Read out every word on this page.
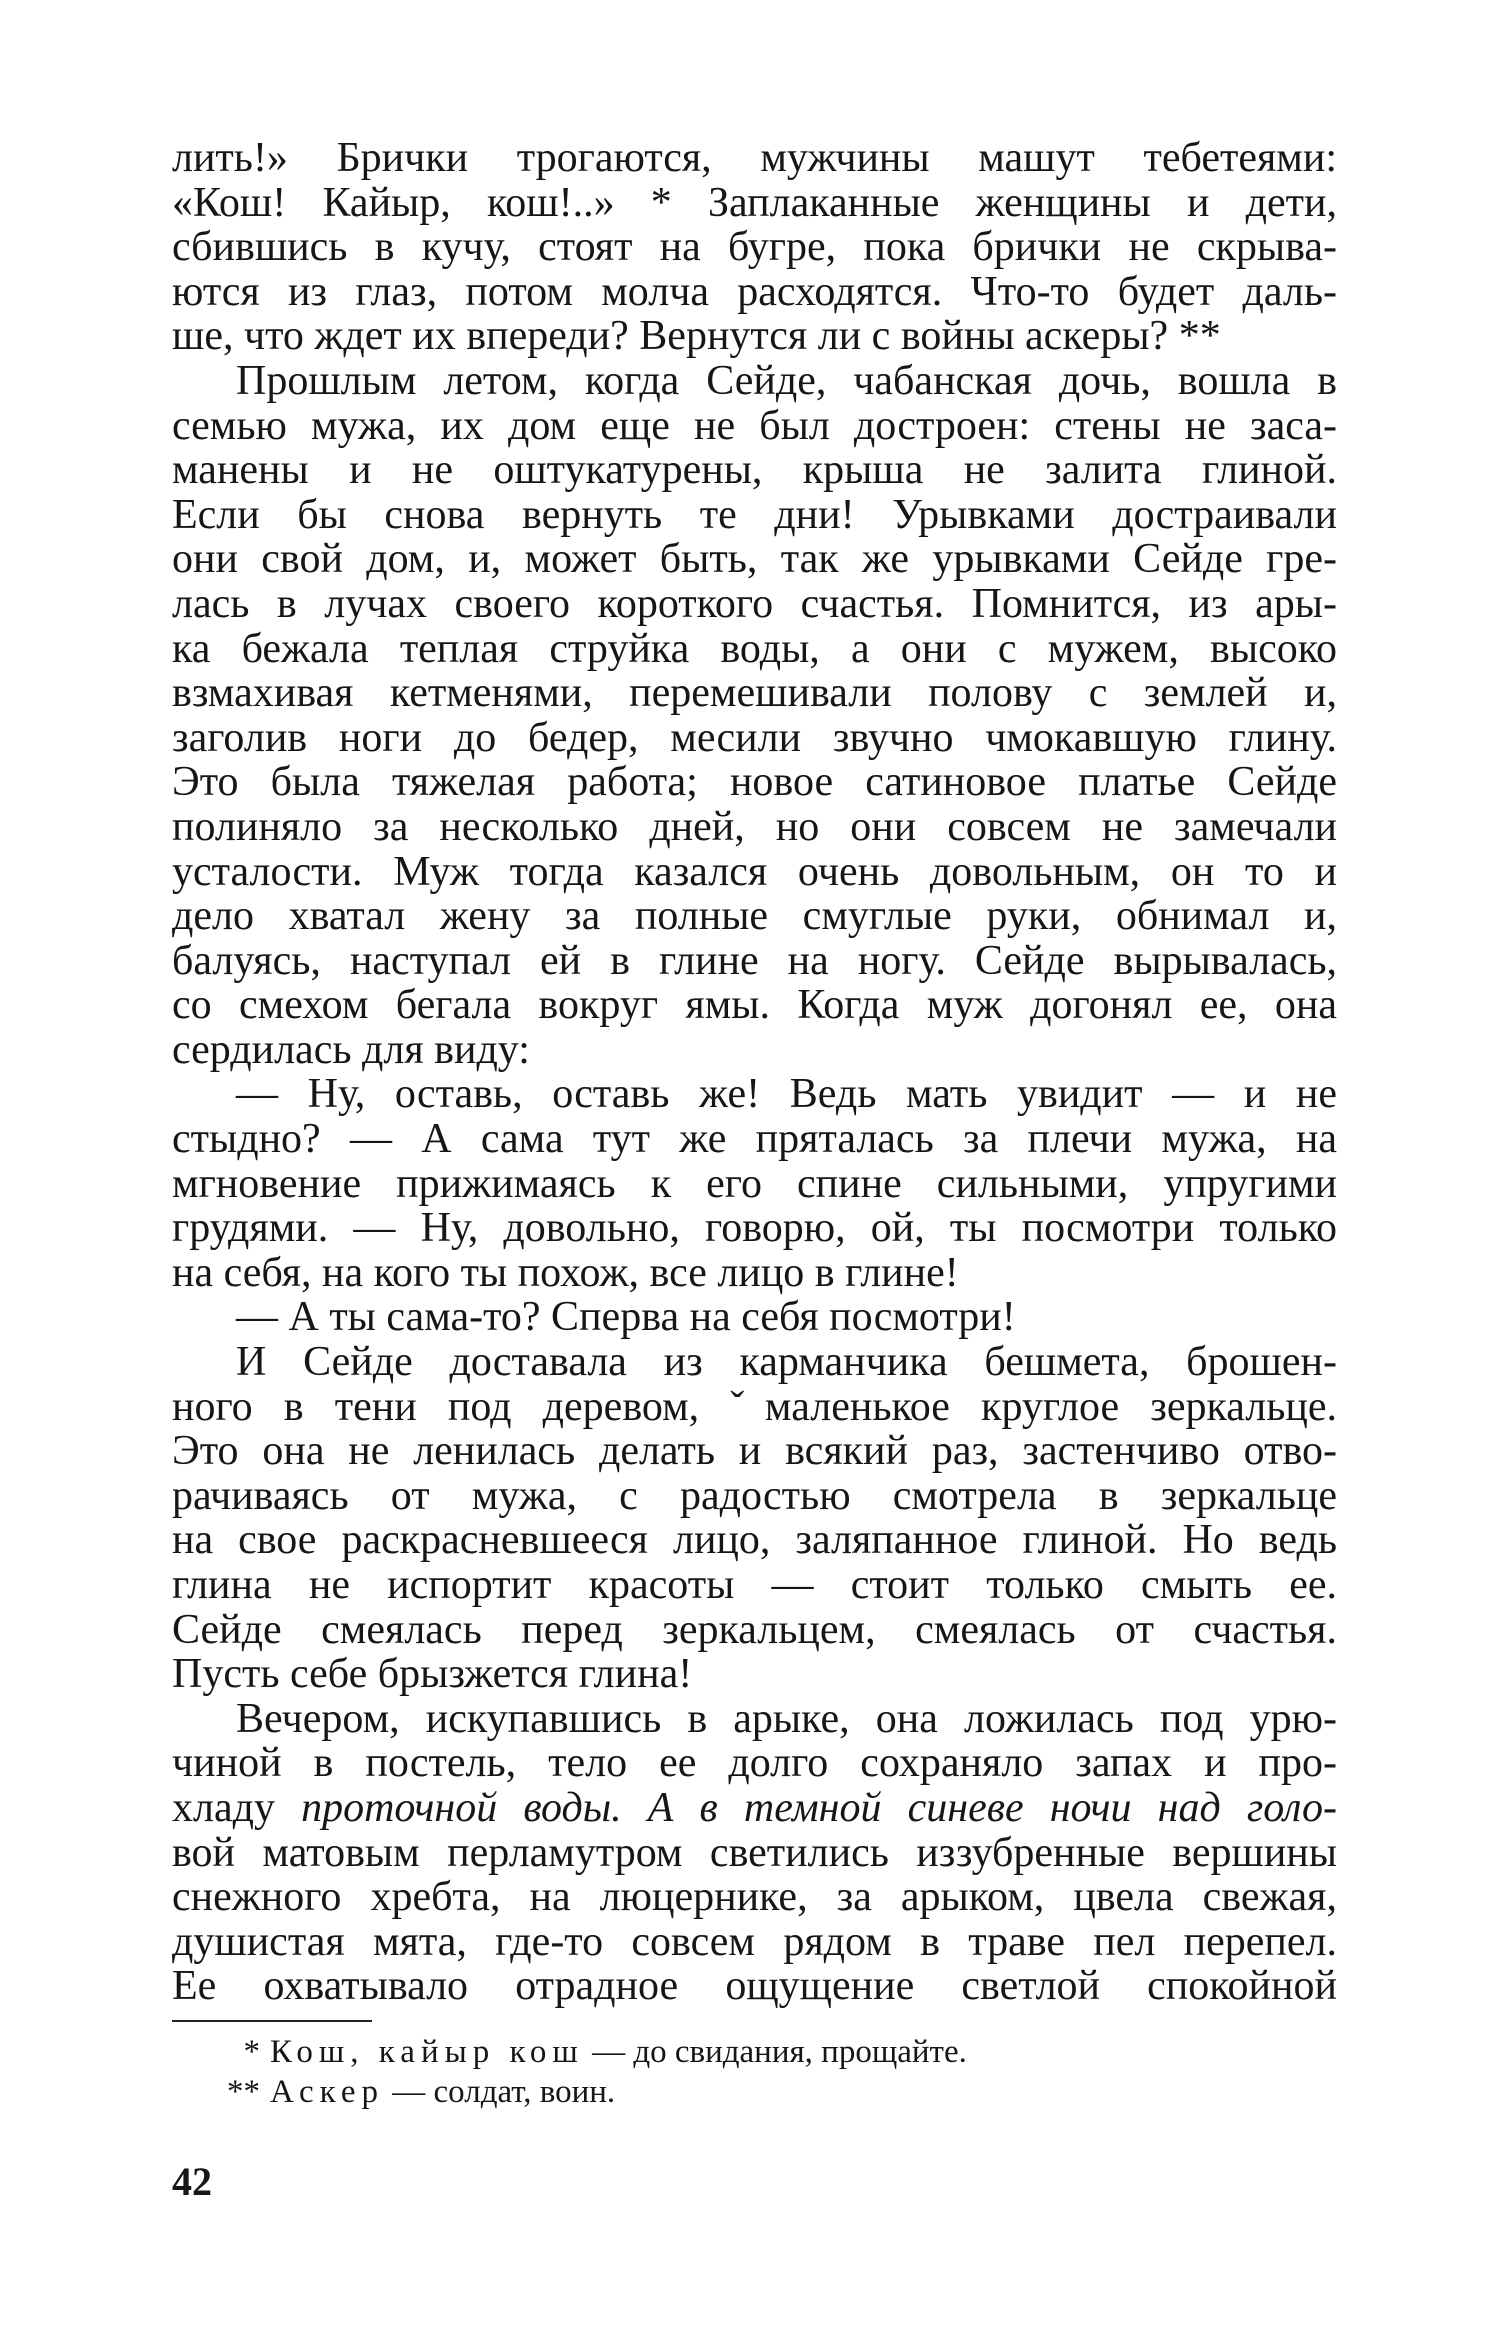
лить!» Брички трогаются, мужчины машут тебетеями:
«Кош! Кайыр, кош!..» * Заплаканные женщины и дети,
сбившись в кучу, стоят на бугре, пока брички не скрыва-
ются из глаз, потом молча расходятся. Что-то будет даль-
ше, что ждет их впереди? Вернутся ли с войны аскеры? **
Прошлым летом, когда Сейде, чабанская дочь, вошла в
семью мужа, их дом еще не был достроен: стены не заса-
манены и не оштукатурены, крыша не залита глиной.
Если бы снова вернуть те дни! Урывками достраивали
они свой дом, и, может быть, так же урывками Сейде гре-
лась в лучах своего короткого счастья. Помнится, из ары-
ка бежала теплая струйка воды, а они с мужем, высоко
взмахивая кетменями, перемешивали полову с землей и,
заголив ноги до бедер, месили звучно чмокавшую глину.
Это была тяжелая работа; новое сатиновое платье Сейде
полиняло за несколько дней, но они совсем не замечали
усталости. Муж тогда казался очень довольным, он то и
дело хватал жену за полные смуглые руки, обнимал и,
балуясь, наступал ей в глине на ногу. Сейде вырывалась,
со смехом бегала вокруг ямы. Когда муж догонял ее, она
сердилась для виду:
— Ну, оставь, оставь же! Ведь мать увидит — и не
стыдно? — А сама тут же пряталась за плечи мужа, на
мгновение прижимаясь к его спине сильными, упругими
грудями. — Ну, довольно, говорю, ой, ты посмотри только
на себя, на кого ты похож, все лицо в глине!
— А ты сама-то? Сперва на себя посмотри!
И Сейде доставала из карманчика бешмета, брошен-
ного в тени под деревом, ˇмаленькое круглое зеркальце.
Это она не ленилась делать и всякий раз, застенчиво отво-
рачиваясь от мужа, с радостью смотрела в зеркальце
на свое раскрасневшееся лицо, заляпанное глиной. Но ведь
глина не испортит красоты — стоит только смыть ее.
Сейде смеялась перед зеркальцем, смеялась от счастья.
Пусть себе брызжется глина!
Вечером, искупавшись в арыке, она ложилась под урю-
чиной в постель, тело ее долго сохраняло запах и про-
хладу проточной воды. А в темной синеве ночи над голо-
вой матовым перламутром светились иззубренные вершины
снежного хребта, на люцернике, за арыком, цвела свежая,
душистая мята, где-то совсем рядом в траве пел перепел.
Ее охватывало отрадное ощущение светлой спокойной
* Кош, кайыр кош — до свидания, прощайте.
** Аскер — солдат, воин.
42
